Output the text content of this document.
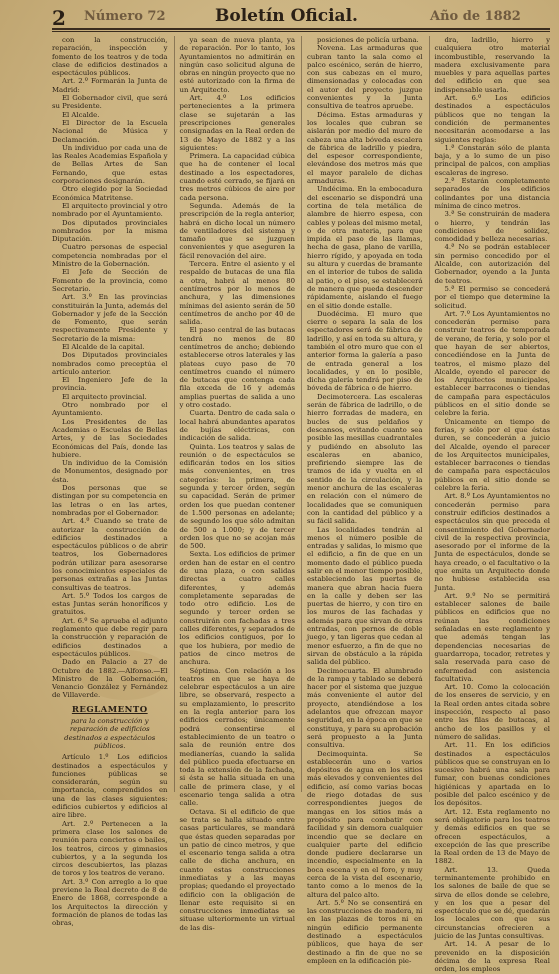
2 Número 72	Boletín Oficial.	Año de 1882

con la construcción, reparación, inspección y fomento de los teatros y de toda clase de edificios destinados a espectáculos públicos.

Art. 2.º Formarán la Junta de Madrid:

El Gobernador civil, que será su Presidente.

El Alcalde.

El Director de la Escuela Nacional de Música y Declamación.

Un individuo por cada una de las Reales Academias Española y de Bellas Artes de San Fernando, que estas corporaciones designarán.

Otro elegido por la Sociedad Económica Matritense.

El arquitecto provincial y otro nombrado por el Ayuntamiento.

Dos diputados provinciales nombrados por la misma Diputación.

Cuatro personas de especial competencia nombradas por el Ministro de la Gobernación.

El Jefe de Sección de Fomento de la provincia, como Secretario.

Art. 3.º En las provincias constituirán la Junta, además del Gobernador y jefe de la Sección de Fomento, que serán respectivamente Presidente y Secretario de la misma:

El Alcalde de la capital.

Dos Diputados provinciales nombrados como preceptúa el artículo anterior.

El Ingeniero Jefe de la provincia.

El arquitecto provincial.

Otro nombrado por el Ayuntamiento.

Los Presidentes de las Academias o Escuelas de Bellas Artes, y de las Sociedades Económicas del País, donde las hubiere.

Un individuo de la Comisión de Monumentos, designado por ésta.

Dos personas que se distingan por su competencia en las letras o en las artes, nombradas por el Gobernador.

Art. 4.º Cuando se trate de autorizar la construcción de edificios destinados a espectáculos públicos o de abrir teatros, los Gobernadores podrán utilizar para asesorarse los conocimientos especiales de personas extrañas a las Juntas consultivas de teatros.

Art. 5.º Todos los cargos de estas Juntas serán honoríficos y gratuitos.

Art. 6.º Se aprueba el adjunto reglamento que debe regir para la construcción y reparación de edificios destinados a espectáculos públicos.

Dado en Palacio a 27 de Octubre de 1882.—Alfonso.—El Ministro de la Gobernación, Venancio González y Fernández de Villaverde.

REGLAMENTO

para la construcción y reparación de edificios destinados a espectáculos públicos.

Artículo 1.º Los edificios destinados a espectáculos y funciones públicas se considerarán, según su importancia, comprendidos en una de las clases siguientes: edificios cubiertos y edificios al aire libre.

Art. 2.º Pertenecen a la primera clase los salones de reunión para conciertos o bailes, los teatros, circos y gimnasios cubiertos, y a la segunda los circos descubiertos, las plazas de toros y los teatros de verano.

Art. 3.º Con arreglo a lo que previene la Real decreto de 8 de Enero de 1868, corresponde a los Arquitectos la dirección y formación de planos de todas las obras,

ya sean de nueva planta, ya de reparación. Por lo tanto, los Ayuntamientos no admitirán en ningún caso solicitud alguna de obras en ningún proyecto que no esté autorizado con la firma de un Arquitecto.

Art. 4.º Los edificios pertenecientes a la primera clase se sujetarán a las prescripciones generales consignadas en la Real orden de 13 de Mayo de 1882 y a las siguientes:

Primera. La capacidad cúbica que ha de contener el local destinado a los espectadores, cuando esté cerrado, se fijará en tres metros cúbicos de aire por cada persona.

Segunda. Además de la prescripción de la regla anterior, habrá en dicho local un número de ventiladores del sistema y tamaño que se juzguen convenientes y que aseguren la fácil renovación del aire.

Tercera. Entre el asiento y el respaldo de butacas de una fila a otra, habrá al menos 80 centímetros por lo menos de anchura, y las dimensiones mínimas del asiento serán de 50 centímetros de ancho por 40 de salida.

El paso central de las butacas tendrá no menos de 80 centímetros de ancho; debiendo establecerse otros laterales y las plateas cuyo paso de 70 centímetros cuando el número de butacas que contenga cada fila exceda de 16 y además amplias puertas de salida a uno y otro costado.

Cuarta. Dentro de cada sala o local habrá abundantes aparatos de bujías eléctricas, con indicación de salida.

Quinta. Los teatros y salas de reunión o de espectáculos se edificarán todos en los sitios más convenientes, en tres categorías: la primera, de segunda y tercer órden, según su capacidad. Serán de primer orden los que puedan contener de 1.500 personas en adelante; de segundo los que sólo admitan de 500 a 1.000; y de tercer orden los que no se acojan más de 500.

Sexta. Los edificios de primer orden han de estar en el centro de una plaza, o con salidas directas a cuatro calles diferentes, y además completamente separadas de todo otro edificio. Los de segundo y tercer orden se construirán con fachadas a tres calles diferentes, y separados de los edificios contiguos, por lo que los hubiera, por medio de patios de cinco metros de anchura.

Séptima. Con relación a los teatros en que se haya de celebrar espectáculos a un aire libre, se observará, respecto a su emplazamiento, lo prescrito en la regla anterior para los edificios cerrados; únicamente podrá consentirse el establecimiento de un teatro o sala de reunión entre dos medianerías, cuando la salida del público pueda efectuarse en toda la extensión de la fachada, si ésta se halla situada en una calle de primera clase, y el escenario tenga salida a otra calle.

Octava. Si el edificio de que se trata se halla situado entre casas particulares, se mandará que éstas queden separadas por un patio de cinco metros, y que el escenario tenga salida a otra calle de dicha anchura, en cuanto estas construcciones inmediatas y a las mayas propias; quedando el proyectado edificio con la obligación de llenar este requisito si en construcciones inmediatas se situase ulteriormente un virtual de las dis-

posiciones de policía urbana.

Novena. Las armaduras que cubran tanto la sala como el palco escénico, serán de hierro, con sus cabezas en el muro, dimensionadas y colocadas con el autor del proyecto juzgue convenientes y la Junta consultiva de teatros apruebe.

Décima. Estas armaduras y los locales que cubran se aislarán por medio del muro de cabeza una alta bóveda escalera de fábrica de ladrillo y piedra, del espesor correspondiente, elevándose dos metros más que el mayor paralelo de dichas armaduras.

Undécima. En la embocadura del escenario se dispondrá una cortina de tela metálica de alambre de hierro espesa, con cables y poleas del mismo metal, o de otra materia, para que impida el paso de las llamas, hecha de gasa, plano de varilla, hierro rígido, y apoyada en toda su altura y cuerdas de bramante en el interior de tubos de salida al patio, o el piso, se establecerá de manera que pueda descender rápidamente, aislando el fuego en el sitio donde estalle.

Duodécima. El muro que cierre o separa la sala de los espectadores será de fábrica de ladrillo, y así en toda su altura, y también el otro muro que con el anterior forma la galería a paso de entrada general a los localidades, y en lo posible, dicha galería tendrá por piso de bóveda de fábrica o de hierro.

Decimotercera. Las escaleras serán de fábrica de ladrillo, o de hierro forradas de madera, en bucles de sus peldaños y descansos, evitando cuanto sea posible las mesillas cuadrantales y pudiéndo en absoluto las escaleras en abanico, prefiriendo siempre las de tramos de ida y vuelta en el sentido de la circulación, y la menor anchura de las escaleras en relación con el número de localidades que se comuniquen con la cantidad del público y a su fácil salida.

Las localidades tendrán al menos el número posible de entradas y salidas, lo mismo que el edificio, a fin de que en un momento dado el público pueda salir en el menor tiempo posible, estableciendo las puertas de manera que abran hacia fuera en la calle y deben ser las puertas de hierro, y con tiro en los muros de las fachadas y además para que sirvan de otras entradas, con pernos de doble juego, y tan ligeras que cedan al menor esfuerzo, a fin de que no sirvan de obstáculo a la rápida salida del público.

Decimocuarta. El alumbrado de la rampa y tablado se deberá hacer por el sistema que juzgue más conveniente el autor del proyecto, atendiéndose a los adelantos que ofrezcan mayor seguridad, en la época en que se constituya, y para su aprobación será propuesto a la Junta consultiva.

Decimoquinta. Se establecerán uno o varios depósitos de agua en los sitios más elevados y convenientes del edificio, así como varias bocas de riego dotadas de sus correspondientes juegos de mangas en los sitios más a propósito para combatir con facilidad y sin demora cualquier incendio que se declare en cualquier parte del edificio donde pudiere declararse un incendio, especialmente en la boca escena y en el foro, y muy cerca de la vista del escenario, tanto como a lo menos de la altura del palco alto.

Art. 5.º No se consentirá en las construcciones de madera, ni en las plazas de toros ni en ningún edificio permanente destinado a espectáculos públicos, que haya de ser destinado a fin de que no se empleen en la edificación pie-

dra, ladrillo, hierro y cualquiera otro material incombustible, reservando la madera exclusivamente para muebles y para aquellas partes del edificio en que sea indispensable usarla.

Art. 6.º Los edificios destinados a espectáculos públicos que no tengan la condición de permanentes necesitarán acomodarse a las siguientes reglas:

1.ª Constarán sólo de planta baja, y a lo sumo de un piso principal de palcos, con amplias escaleras de ingreso.

2.ª Estarán completamente separados de los edificios colindantes por una distancia mínima de cinco metros.

3.ª Se construirán de madera o hierro, y tendrán las condiciones de solidez, comodidad y belleza necesarias.

4.ª No se podrán establecer sin permiso concedido por el Alcalde, con autorización del Gobernador, oyendo a la Junta de teatros.

5.ª El permiso se concederá por el tiempo que determine la solicitud.

Art. 7.º Los Ayuntamientos no concederán permiso para construir teatros de temporada de verano, de feria, y solo por el que hayan de ser abiertos, concediéndose en la Junta de teatros, el mismo plazo del Alcalde, oyendo el parecer de los Arquitectos municipales, establecer barracones o tiendas de campaña para espectáculos públicos en el sitio donde se celebre la feria.

Únicamente en tiempo de ferias, y sólo por el que éstas duren, se concederán a juicio del Alcalde, oyendo el parecer de los Arquitectos municipales, establecer barracones o tiendas de campaña para espectáculos públicos en el sitio donde se celebre la feria.

Art. 8.º Los Ayuntamientos no concederán permiso para construir edificios destinados a espectáculos sin que preceda el consentimiento del Gobernador civil de la respectiva provincia, asesorado por el informe de la Junta de espectáculos, donde se haya creado, o el facultativo o la que emita un Arquitecto donde no hubiese establecida esa Junta.

Art. 9.º No se permitirá establecer salones de baile públicos en edificios que no reúnan las condiciones señaladas en este reglamento y que además tengan las dependencias necesarias de guardarropa, tocador, retretes y sala reservada para caso de enfermedad con asistencia facultativa.

Art. 10. Como la colocación de los enseres de servicio, y en la Real orden antes citada sobre inspección, respecto al paso entre las filas de butacas, al ancho de los pasillos y el número de salidas.

Art. 11. En los edificios destinados a espectáculos públicos que se construyan en lo sucesivo habrá una sala para fumar, con buenas condiciones higiénicas y apartada en lo posible del palco escénico y de los depósitos.

Art. 12. Esta reglamento no será obligatorio para los teatros y demás edificios en que se ofrecen espectáculos, a excepción de las que prescribe la Real orden de 13 de Mayo de 1882.

Art. 13. Queda terminantemente prohibido en los salones de baile de que se sirva de ellos donde se celebre, y en los que a pesar del espectáculo que se dé, quedarán los locales con que sus circunstancias ofrecieren a juicio de las Juntas consultivas.

Art. 14. A pesar de lo prevenido en la disposición décima de la expresa Real orden, los empleos
